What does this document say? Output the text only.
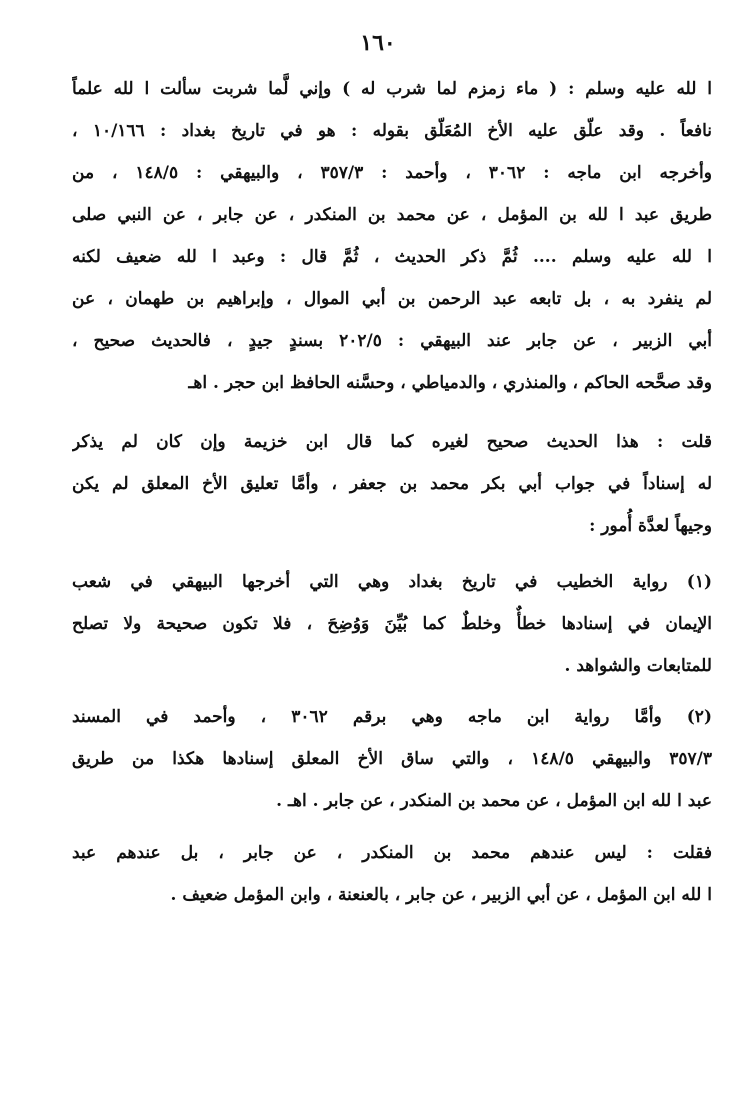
١٦٠
ا لله عليه وسلم : ( ماء زمزم لما شرب له ) وإني لَّما شربت سألت ا لله علماً
نافعاً . وقد علّق عليه الأخ المُعَلّق بقوله : هو في تاريخ بغداد : ١٠/١٦٦ ،
وأخرجه ابن ماجه : ٣٠٦٢ ، وأحمد : ٣٥٧/٣ ، والبيهقي : ١٤٨/٥ ، من
طريق عبد ا لله بن المؤمل ، عن محمد بن المنكدر ، عن جابر ، عن النبي صلى
ا لله عليه وسلم .... ثُمَّ ذكر الحديث ، ثُمَّ قال : وعبد ا لله ضعيف لكنه
لم ينفرد به ، بل تابعه عبد الرحمن بن أبي الموال ، وإبراهيم بن طهمان ، عن
أبي الزبير ، عن جابر عند البيهقي : ٢٠٢/٥ بسندٍ جيدٍ ، فالحديث صحيح ،
وقد صحَّحه الحاكم ، والمنذري ، والدمياطي ، وحسَّنه الحافظ ابن حجر . اهـ
قلت : هذا الحديث صحيح لغيره كما قال ابن خزيمة وإن كان لم يذكر
له إسناداً في جواب أبي بكر محمد بن جعفر ، وأمَّا تعليق الأخ المعلق لم يكن
وجيهاً لعدَّة أُمور :
(١) رواية الخطيب في تاريخ بغداد وهي التي أخرجها البيهقي في شعب
الإيمان في إسنادها خطأٌ وخلطٌ كما بُيِّنَ وَوُضِحَ ، فلا تكون صحيحة ولا تصلح
للمتابعات والشواهد .
(٢) وأمَّا رواية ابن ماجه وهي برقم ٣٠٦٢ ، وأحمد في المسند
٣٥٧/٣ والبيهقي ١٤٨/٥ ، والتي ساق الأخ المعلق إسنادها هكذا من طريق
عبد ا لله ابن المؤمل ، عن محمد بن المنكدر ، عن جابر . اهـ .
فقلت : ليس عندهم محمد بن المنكدر ، عن جابر ، بل عندهم عبد
ا لله ابن المؤمل ، عن أبي الزبير ، عن جابر ، بالعنعنة ، وابن المؤمل ضعيف .
